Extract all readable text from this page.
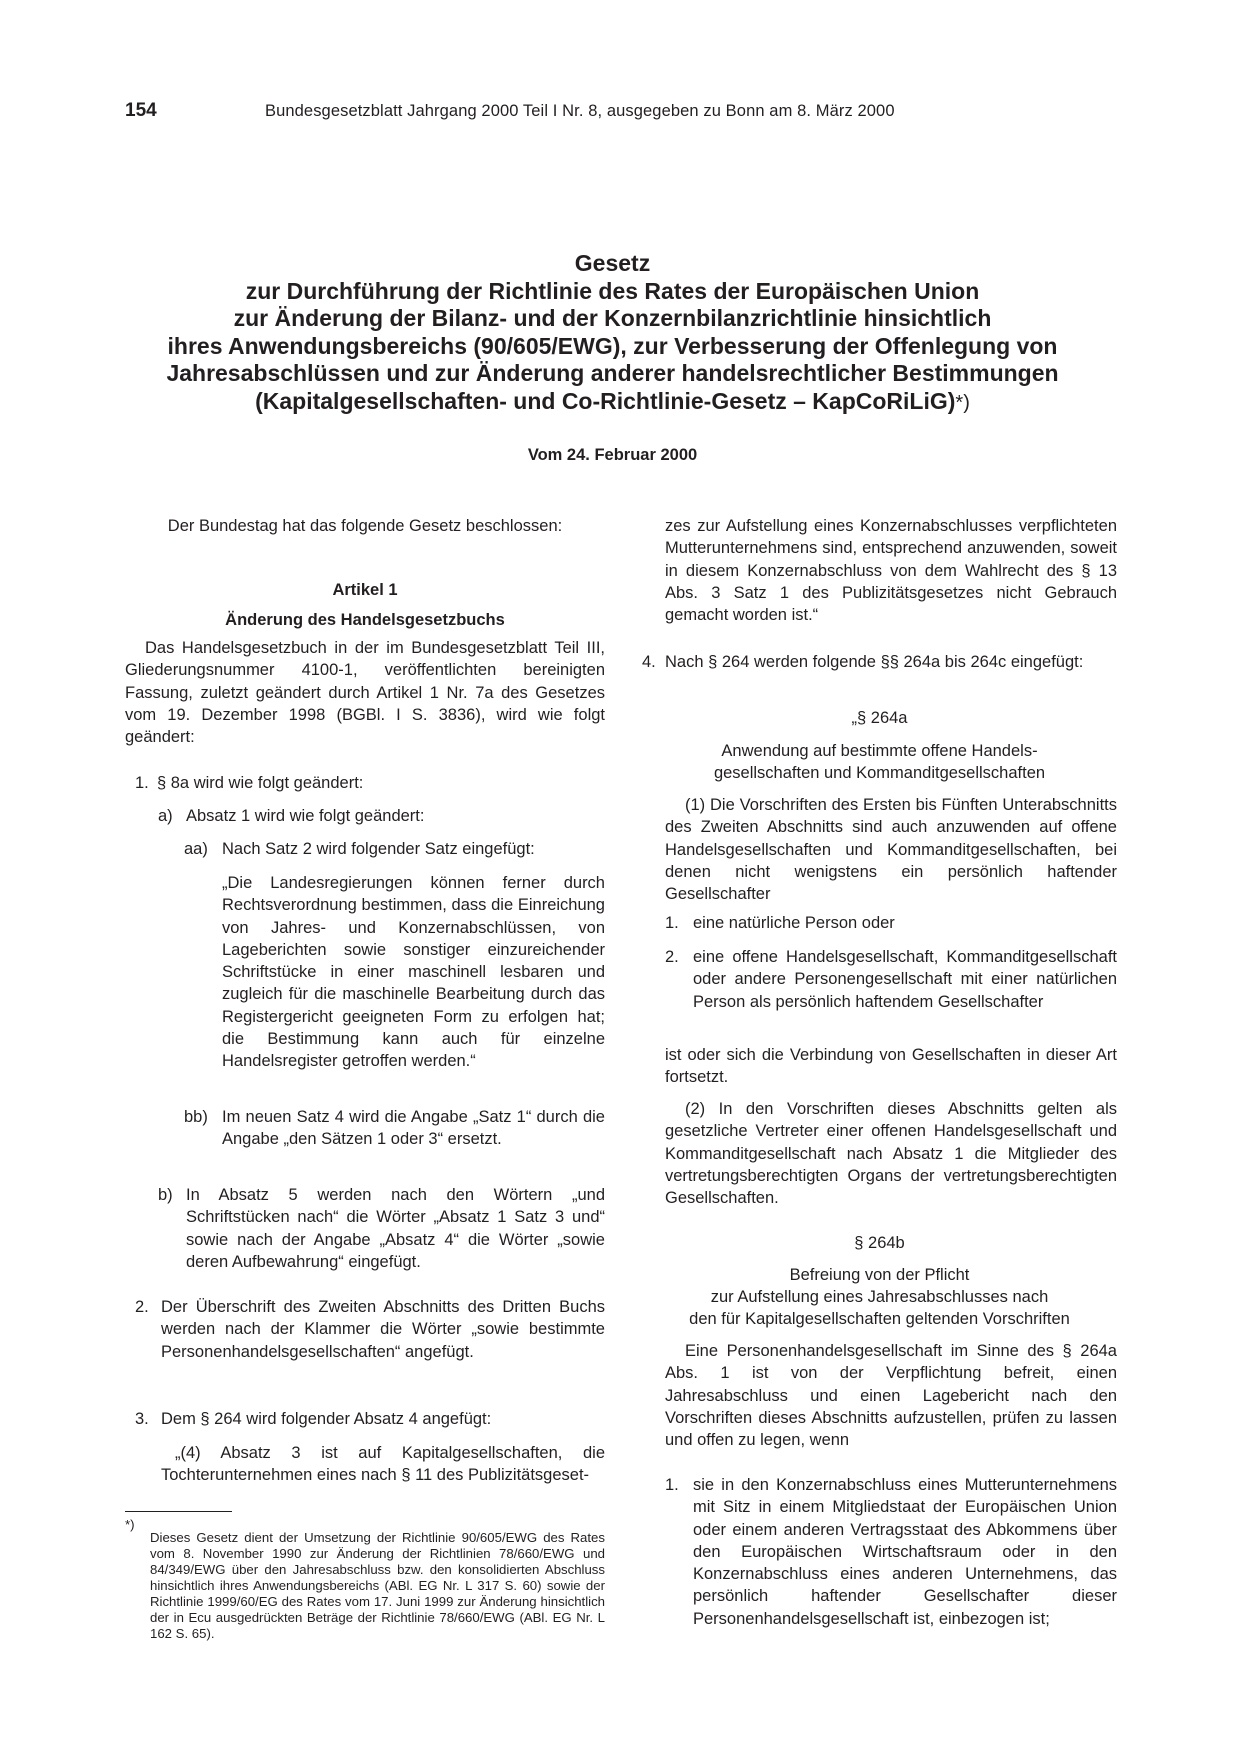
154	Bundesgesetzblatt Jahrgang 2000 Teil I Nr. 8, ausgegeben zu Bonn am 8. März 2000
Gesetz
zur Durchführung der Richtlinie des Rates der Europäischen Union
zur Änderung der Bilanz- und der Konzernbilanzrichtlinie hinsichtlich
ihres Anwendungsbereichs (90/605/EWG), zur Verbesserung der Offenlegung von
Jahresabschlüssen und zur Änderung anderer handelsrechtlicher Bestimmungen
(Kapitalgesellschaften- und Co-Richtlinie-Gesetz – KapCoRiLiG)*)
Vom 24. Februar 2000

Der Bundestag hat das folgende Gesetz beschlossen:

Artikel 1

Änderung des Handelsgesetzbuchs

Das Handelsgesetzbuch in der im Bundesgesetzblatt Teil III, Gliederungsnummer 4100-1, veröffentlichten bereinigten Fassung, zuletzt geändert durch Artikel 1 Nr. 7a des Gesetzes vom 19. Dezember 1998 (BGBl. I S. 3836), wird wie folgt geändert:

1. § 8a wird wie folgt geändert:

a) Absatz 1 wird wie folgt geändert:

aa) Nach Satz 2 wird folgender Satz eingefügt:

„Die Landesregierungen können ferner durch Rechtsverordnung bestimmen, dass die Einreichung von Jahres- und Konzernabschlüssen, von Lageberichten sowie sonstiger einzureichender Schriftstücke in einer maschinell lesbaren und zugleich für die maschinelle Bearbeitung durch das Registergericht geeigneten Form zu erfolgen hat; die Bestimmung kann auch für einzelne Handelsregister getroffen werden.“

bb) Im neuen Satz 4 wird die Angabe „Satz 1“ durch die Angabe „den Sätzen 1 oder 3“ ersetzt.

b) In Absatz 5 werden nach den Wörtern „und Schriftstücken nach“ die Wörter „Absatz 1 Satz 3 und“ sowie nach der Angabe „Absatz 4“ die Wörter „sowie deren Aufbewahrung“ eingefügt.

2. Der Überschrift des Zweiten Abschnitts des Dritten Buchs werden nach der Klammer die Wörter „sowie bestimmte Personenhandelsgesellschaften“ angefügt.

3. Dem § 264 wird folgender Absatz 4 angefügt:

„(4) Absatz 3 ist auf Kapitalgesellschaften, die Tochterunternehmen eines nach § 11 des Publizitätsgeset-

*)

Dieses Gesetz dient der Umsetzung der Richtlinie 90/605/EWG des Rates vom 8. November 1990 zur Änderung der Richtlinien 78/660/EWG und 84/349/EWG über den Jahresabschluss bzw. den konsolidierten Abschluss hinsichtlich ihres Anwendungsbereichs (ABl. EG Nr. L 317 S. 60) sowie der Richtlinie 1999/60/EG des Rates vom 17. Juni 1999 zur Änderung hinsichtlich der in Ecu ausgedrückten Beträge der Richtlinie 78/660/EWG (ABl. EG Nr. L 162 S. 65).

zes zur Aufstellung eines Konzernabschlusses verpflichteten Mutterunternehmens sind, entsprechend anzuwenden, soweit in diesem Konzernabschluss von dem Wahlrecht des § 13 Abs. 3 Satz 1 des Publizitätsgesetzes nicht Gebrauch gemacht worden ist.“

4. Nach § 264 werden folgende §§ 264a bis 264c eingefügt:

„§ 264a

Anwendung auf bestimmte offene Handels-

gesellschaften und Kommanditgesellschaften

(1) Die Vorschriften des Ersten bis Fünften Unterabschnitts des Zweiten Abschnitts sind auch anzuwenden auf offene Handelsgesellschaften und Kommanditgesellschaften, bei denen nicht wenigstens ein persönlich haftender Gesellschafter

1. eine natürliche Person oder

2. eine offene Handelsgesellschaft, Kommanditgesellschaft oder andere Personengesellschaft mit einer natürlichen Person als persönlich haftendem Gesellschafter

ist oder sich die Verbindung von Gesellschaften in dieser Art fortsetzt.

(2) In den Vorschriften dieses Abschnitts gelten als gesetzliche Vertreter einer offenen Handelsgesellschaft und Kommanditgesellschaft nach Absatz 1 die Mitglieder des vertretungsberechtigten Organs der vertretungsberechtigten Gesellschaften.

§ 264b

Befreiung von der Pflicht

zur Aufstellung eines Jahresabschlusses nach

den für Kapitalgesellschaften geltenden Vorschriften

Eine Personenhandelsgesellschaft im Sinne des § 264a Abs. 1 ist von der Verpflichtung befreit, einen Jahresabschluss und einen Lagebericht nach den Vorschriften dieses Abschnitts aufzustellen, prüfen zu lassen und offen zu legen, wenn

1. sie in den Konzernabschluss eines Mutterunternehmens mit Sitz in einem Mitgliedstaat der Europäischen Union oder einem anderen Vertragsstaat des Abkommens über den Europäischen Wirtschaftsraum oder in den Konzernabschluss eines anderen Unternehmens, das persönlich haftender Gesellschafter dieser Personenhandelsgesellschaft ist, einbezogen ist;
